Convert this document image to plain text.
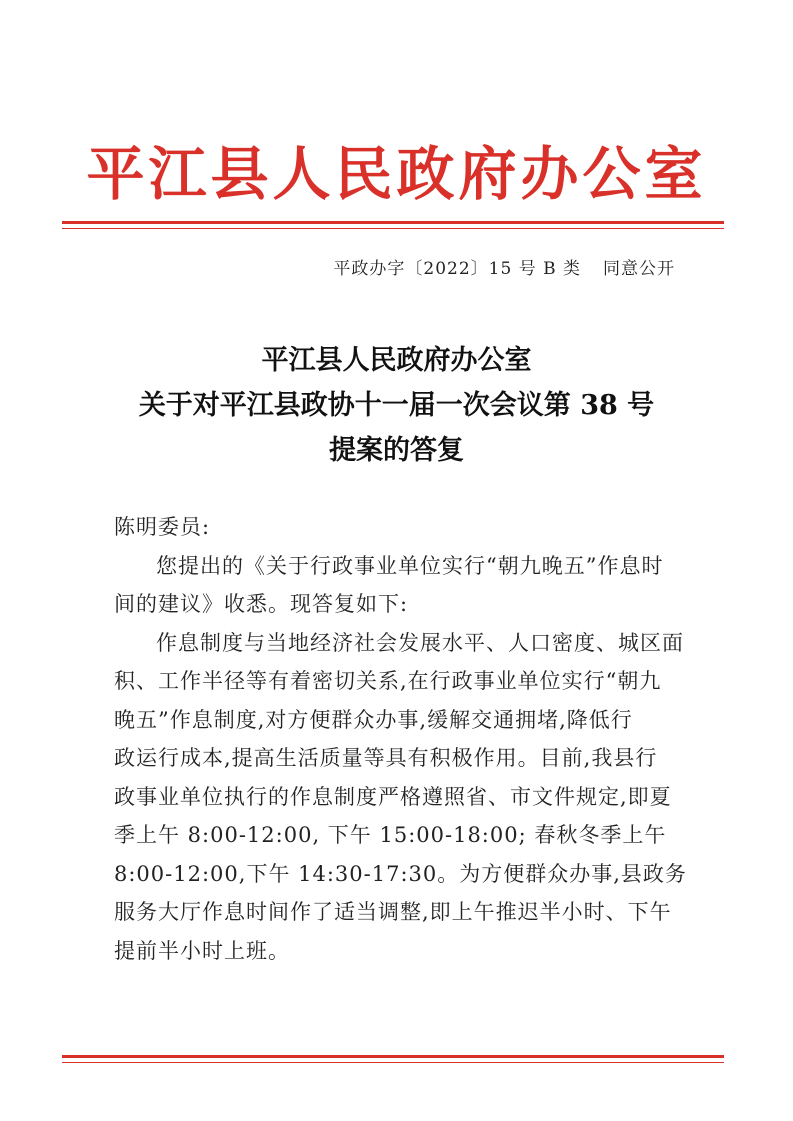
平江县人民政府办公室
平政办字〔2022〕15 号 B 类 同意公开
平江县人民政府办公室
关于对平江县政协十一届一次会议第 38 号
提案的答复

陈明委员:

您提出的《关于行政事业单位实行“朝九晚五”作息时
间的建议》收悉。现答复如下:

作息制度与当地经济社会发展水平、人口密度、城区面
积、工作半径等有着密切关系,在行政事业单位实行“朝九
晚五”作息制度,对方便群众办事,缓解交通拥堵,降低行
政运行成本,提高生活质量等具有积极作用。目前,我县行
政事业单位执行的作息制度严格遵照省、市文件规定,即夏
季上午 8:00-12:00, 下午 15:00-18:00; 春秋冬季上午
8:00-12:00,下午 14:30-17:30。为方便群众办事,县政务
服务大厅作息时间作了适当调整,即上午推迟半小时、下午
提前半小时上班。
